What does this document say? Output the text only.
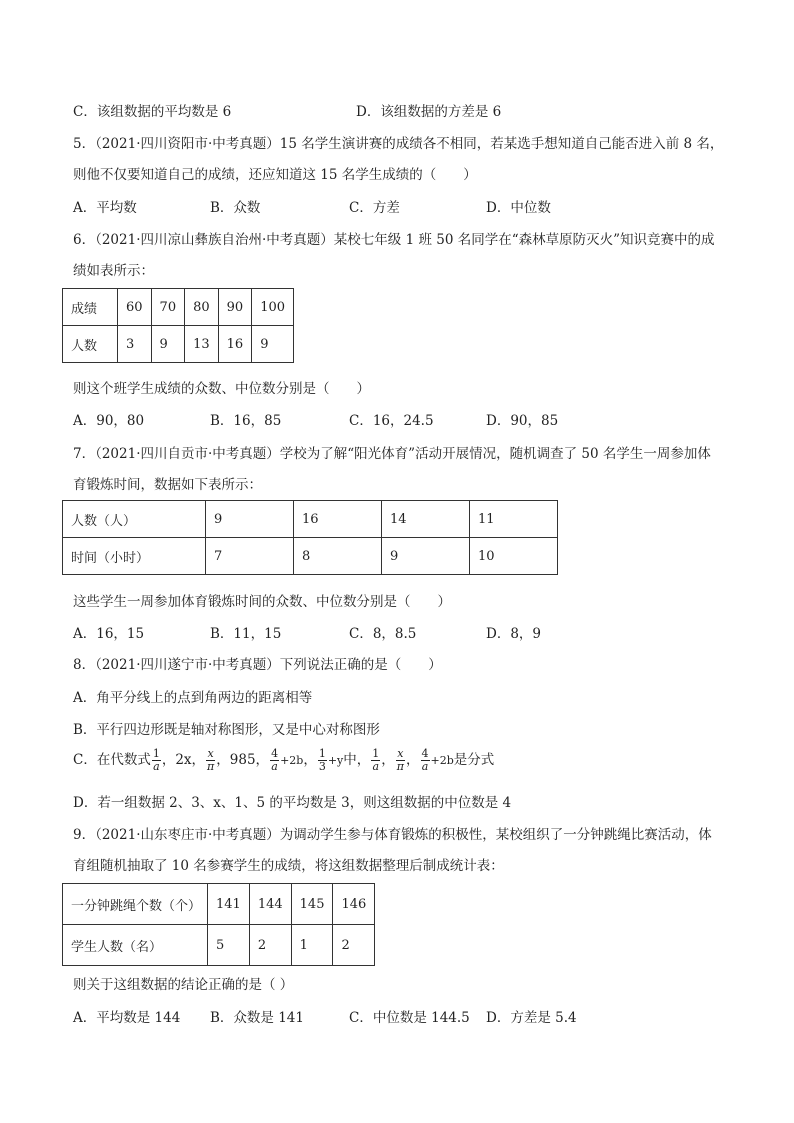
C．该组数据的平均数是 6	D．该组数据的方差是 6
5．（2021·四川资阳市·中考真题）15 名学生演讲赛的成绩各不相同，若某选手想知道自己能否进入前 8 名，
则他不仅要知道自己的成绩，还应知道这 15 名学生成绩的（　　）
A．平均数	B．众数	C．方差	D．中位数
6．（2021·四川凉山彝族自治州·中考真题）某校七年级 1 班 50 名同学在“森林草原防灭火”知识竞赛中的成
绩如表所示：
成绩	60	70	80	90	100
人数	3	9	13	16	9
则这个班学生成绩的众数、中位数分别是（　　）
A．90，80	B．16，85	C．16，24.5	D．90，85
7．（2021·四川自贡市·中考真题）学校为了解“阳光体育”活动开展情况，随机调查了 50 名学生一周参加体
育锻炼时间，数据如下表所示：
人数（人）	9	16	14	11
时间（小时）	7	8	9	10
这些学生一周参加体育锻炼时间的众数、中位数分别是（　　）
A．16，15	B．11，15	C．8，8.5	D．8，9
8．（2021·四川遂宁市·中考真题）下列说法正确的是（　　）
A．角平分线上的点到角两边的距离相等
B．平行四边形既是轴对称图形，又是中心对称图形
C．在代数式 $\frac{1}{a}$ ，2x， $\frac{x}{\pi}$ ，985， $\frac{4}{a} +2b$， $\frac{1}{3} +y$中， $\frac{1}{a}$ ， $\frac{x}{\pi}$ ， $\frac{4}{a} +2b$是分式
D．若一组数据 2、3、x、1、5 的平均数是 3，则这组数据的中位数是 4
9．（2021·山东枣庄市·中考真题）为调动学生参与体育锻炼的积极性，某校组织了一分钟跳绳比赛活动，体
育组随机抽取了 10 名参赛学生的成绩，将这组数据整理后制成统计表：
一分钟跳绳个数（个）	141	144	145	146
学生人数（名）	5	2	1	2
则关于这组数据的结论正确的是（ ）
A．平均数是 144 B．众数是 141	C．中位数是 144.5 D．方差是 5.4
